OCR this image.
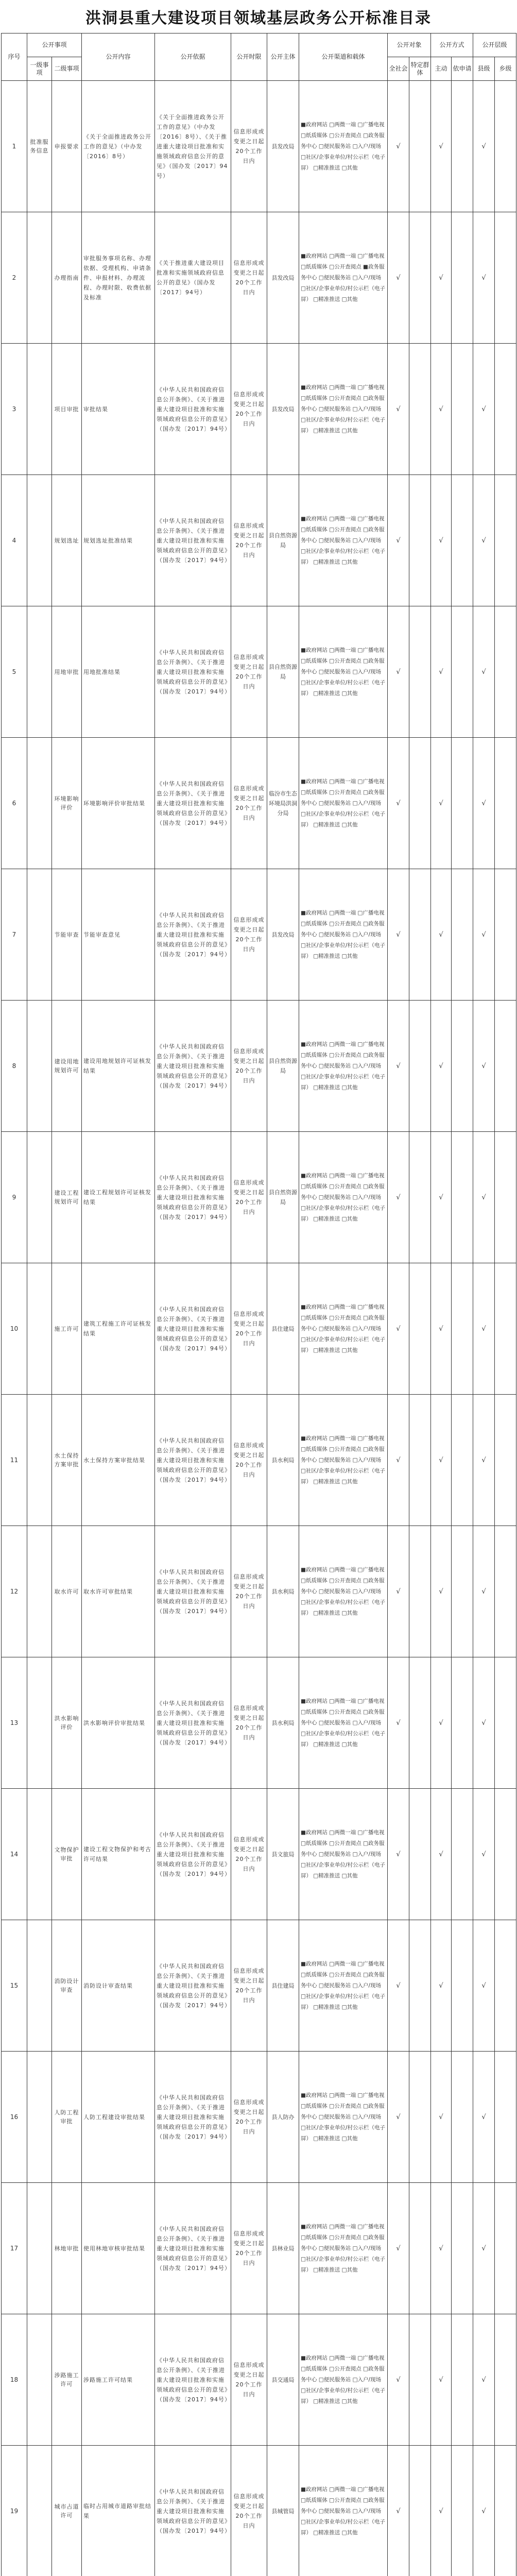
洪洞县重大建设项目领域基层政务公开标准目录
序号	公开事项		公开内容	公开依据	公开时限	公开主体	公开渠道和载体	公开对象		公开方式		公开层级	
	一级事项	二级事项						全社会	特定群体	主动	依申请	县级	乡级
1	批准服务信息	申报要求	《关于全面推进政务公开工作的意见》（中办发〔2016〕8号）	《关于全面推进政务公开工作的意见》（中办发〔2016〕8号）、《关于推进重大建设项目批准和实施领域政府信息公开的意见》（国办发〔2017〕94号）	信息形成或变更之日起20个工作日内	县发改局	■政府网站 □两微一端 □广播电视 □纸质媒体 □公开查阅点 □政务服务中心 □便民服务站 □入户/现场 □社区/企事业单位/村公示栏（电子屏） □精准推送 □其他	√		√		√	
2		办理指南	审批服务事项名称、办理依据、受理机构、申请条件、申报材料、办理流程、办理时限、收费依据及标准	《关于推进重大建设项目批准和实施领域政府信息公开的意见》（国办发〔2017〕94号）	信息形成或变更之日起20个工作日内	县发改局	■政府网站 □两微一端 □广播电视 □纸质媒体 □公开查阅点 ■政务服务中心 □便民服务站 □入户/现场 □社区/企事业单位/村公示栏（电子屏） □精准推送 □其他	√		√		√	
3		项目审批	审批结果	《中华人民共和国政府信息公开条例》、《关于推进重大建设项目批准和实施领域政府信息公开的意见》（国办发〔2017〕94号）	信息形成或变更之日起20个工作日内	县发改局	■政府网站 □两微一端 □广播电视 □纸质媒体 □公开查阅点 □政务服务中心 □便民服务站 □入户/现场 □社区/企事业单位/村公示栏（电子屏） □精准推送 □其他	√		√		√	
4		规划选址	规划选址批准结果	《中华人民共和国政府信息公开条例》、《关于推进重大建设项目批准和实施领域政府信息公开的意见》（国办发〔2017〕94号）	信息形成或变更之日起20个工作日内	县自然资源局	■政府网站 □两微一端 □广播电视 □纸质媒体 □公开查阅点 □政务服务中心 □便民服务站 □入户/现场 □社区/企事业单位/村公示栏（电子屏） □精准推送 □其他	√		√		√	
5		用地审批	用地批准结果	《中华人民共和国政府信息公开条例》、《关于推进重大建设项目批准和实施领域政府信息公开的意见》（国办发〔2017〕94号）	信息形成或变更之日起20个工作日内	县自然资源局	■政府网站 □两微一端 □广播电视 □纸质媒体 □公开查阅点 □政务服务中心 □便民服务站 □入户/现场 □社区/企事业单位/村公示栏（电子屏） □精准推送 □其他	√		√		√	
6		环境影响评价	环境影响评价审批结果	《中华人民共和国政府信息公开条例》、《关于推进重大建设项目批准和实施领域政府信息公开的意见》（国办发〔2017〕94号）	信息形成或变更之日起20个工作日内	临汾市生态环境局洪洞分局	■政府网站 □两微一端 □广播电视 □纸质媒体 □公开查阅点 □政务服务中心 □便民服务站 □入户/现场 □社区/企事业单位/村公示栏（电子屏） □精准推送 □其他	√		√		√	
7		节能审查	节能审查意见	《中华人民共和国政府信息公开条例》、《关于推进重大建设项目批准和实施领域政府信息公开的意见》（国办发〔2017〕94号）	信息形成或变更之日起20个工作日内	县发改局	■政府网站 □两微一端 □广播电视 □纸质媒体 □公开查阅点 □政务服务中心 □便民服务站 □入户/现场 □社区/企事业单位/村公示栏（电子屏） □精准推送 □其他	√		√		√	
8		建设用地规划许可	建设用地规划许可证核发结果	《中华人民共和国政府信息公开条例》、《关于推进重大建设项目批准和实施领域政府信息公开的意见》（国办发〔2017〕94号）	信息形成或变更之日起20个工作日内	县自然资源局	■政府网站 □两微一端 □广播电视 □纸质媒体 □公开查阅点 □政务服务中心 □便民服务站 □入户/现场 □社区/企事业单位/村公示栏（电子屏） □精准推送 □其他	√		√		√	
9		建设工程规划许可	建设工程规划许可证核发结果	《中华人民共和国政府信息公开条例》、《关于推进重大建设项目批准和实施领域政府信息公开的意见》（国办发〔2017〕94号）	信息形成或变更之日起20个工作日内	县自然资源局	■政府网站 □两微一端 □广播电视 □纸质媒体 □公开查阅点 □政务服务中心 □便民服务站 □入户/现场 □社区/企事业单位/村公示栏（电子屏） □精准推送 □其他	√		√		√	
10		施工许可	建筑工程施工许可证核发结果	《中华人民共和国政府信息公开条例》、《关于推进重大建设项目批准和实施领域政府信息公开的意见》（国办发〔2017〕94号）	信息形成或变更之日起20个工作日内	县住建局	■政府网站 □两微一端 □广播电视 □纸质媒体 □公开查阅点 □政务服务中心 □便民服务站 □入户/现场 □社区/企事业单位/村公示栏（电子屏） □精准推送 □其他	√		√		√	
11		水土保持方案审批	水土保持方案审批结果	《中华人民共和国政府信息公开条例》、《关于推进重大建设项目批准和实施领域政府信息公开的意见》（国办发〔2017〕94号）	信息形成或变更之日起20个工作日内	县水利局	■政府网站 □两微一端 □广播电视 □纸质媒体 □公开查阅点 □政务服务中心 □便民服务站 □入户/现场 □社区/企事业单位/村公示栏（电子屏） □精准推送 □其他	√		√		√	
12		取水许可	取水许可审批结果	《中华人民共和国政府信息公开条例》、《关于推进重大建设项目批准和实施领域政府信息公开的意见》（国办发〔2017〕94号）	信息形成或变更之日起20个工作日内	县水利局	■政府网站 □两微一端 □广播电视 □纸质媒体 □公开查阅点 □政务服务中心 □便民服务站 □入户/现场 □社区/企事业单位/村公示栏（电子屏） □精准推送 □其他	√		√		√	
13		洪水影响评价	洪水影响评价审批结果	《中华人民共和国政府信息公开条例》、《关于推进重大建设项目批准和实施领域政府信息公开的意见》（国办发〔2017〕94号）	信息形成或变更之日起20个工作日内	县水利局	■政府网站 □两微一端 □广播电视 □纸质媒体 □公开查阅点 □政务服务中心 □便民服务站 □入户/现场 □社区/企事业单位/村公示栏（电子屏） □精准推送 □其他	√		√		√	
14		文物保护审批	建设工程文物保护和考古许可结果	《中华人民共和国政府信息公开条例》、《关于推进重大建设项目批准和实施领域政府信息公开的意见》（国办发〔2017〕94号）	信息形成或变更之日起20个工作日内	县文旅局	■政府网站 □两微一端 □广播电视 □纸质媒体 □公开查阅点 □政务服务中心 □便民服务站 □入户/现场 □社区/企事业单位/村公示栏（电子屏） □精准推送 □其他	√		√		√	
15		消防设计审查	消防设计审查结果	《中华人民共和国政府信息公开条例》、《关于推进重大建设项目批准和实施领域政府信息公开的意见》（国办发〔2017〕94号）	信息形成或变更之日起20个工作日内	县住建局	■政府网站 □两微一端 □广播电视 □纸质媒体 □公开查阅点 □政务服务中心 □便民服务站 □入户/现场 □社区/企事业单位/村公示栏（电子屏） □精准推送 □其他	√		√		√	
16		人防工程审批	人防工程建设审批结果	《中华人民共和国政府信息公开条例》、《关于推进重大建设项目批准和实施领域政府信息公开的意见》（国办发〔2017〕94号）	信息形成或变更之日起20个工作日内	县人防办	■政府网站 □两微一端 □广播电视 □纸质媒体 □公开查阅点 □政务服务中心 □便民服务站 □入户/现场 □社区/企事业单位/村公示栏（电子屏） □精准推送 □其他	√		√		√	
17		林地审批	使用林地审核审批结果	《中华人民共和国政府信息公开条例》、《关于推进重大建设项目批准和实施领域政府信息公开的意见》（国办发〔2017〕94号）	信息形成或变更之日起20个工作日内	县林业局	■政府网站 □两微一端 □广播电视 □纸质媒体 □公开查阅点 □政务服务中心 □便民服务站 □入户/现场 □社区/企事业单位/村公示栏（电子屏） □精准推送 □其他	√		√		√	
18		涉路施工许可	涉路施工许可结果	《中华人民共和国政府信息公开条例》、《关于推进重大建设项目批准和实施领域政府信息公开的意见》（国办发〔2017〕94号）	信息形成或变更之日起20个工作日内	县交通局	■政府网站 □两微一端 □广播电视 □纸质媒体 □公开查阅点 □政务服务中心 □便民服务站 □入户/现场 □社区/企事业单位/村公示栏（电子屏） □精准推送 □其他	√		√		√	
19		城市占道许可	临时占用城市道路审批结果	《中华人民共和国政府信息公开条例》、《关于推进重大建设项目批准和实施领域政府信息公开的意见》（国办发〔2017〕94号）	信息形成或变更之日起20个工作日内	县城管局	■政府网站 □两微一端 □广播电视 □纸质媒体 □公开查阅点 □政务服务中心 □便民服务站 □入户/现场 □社区/企事业单位/村公示栏（电子屏） □精准推送 □其他	√		√		√	
